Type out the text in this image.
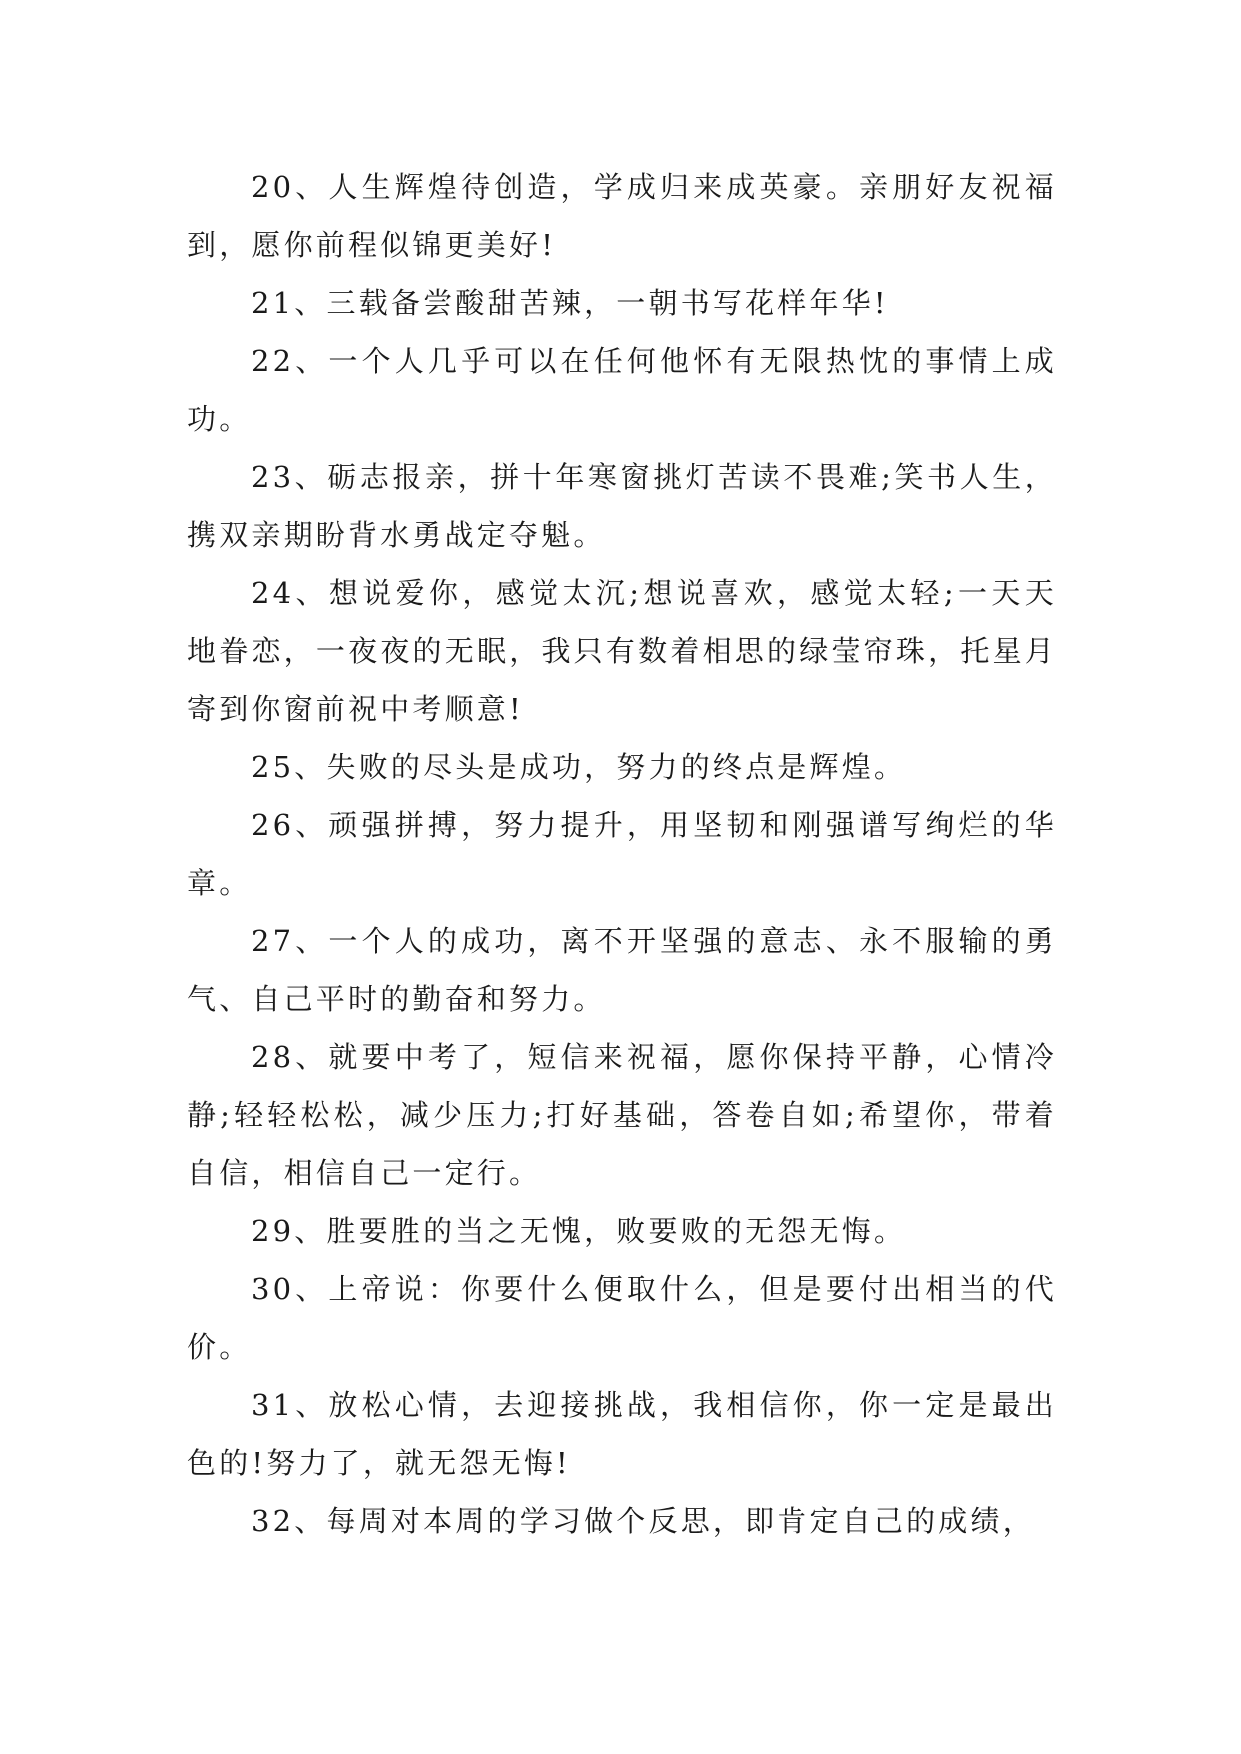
20、人生辉煌待创造，学成归来成英豪。亲朋好友祝福到，愿你前程似锦更美好!

21、三载备尝酸甜苦辣，一朝书写花样年华!

22、一个人几乎可以在任何他怀有无限热忱的事情上成功。

23、砺志报亲，拼十年寒窗挑灯苦读不畏难;笑书人生，携双亲期盼背水勇战定夺魁。

24、想说爱你，感觉太沉;想说喜欢，感觉太轻;一天天地眷恋，一夜夜的无眠，我只有数着相思的绿莹帘珠，托星月寄到你窗前祝中考顺意!

25、失败的尽头是成功，努力的终点是辉煌。

26、顽强拼搏，努力提升，用坚韧和刚强谱写绚烂的华章。

27、一个人的成功，离不开坚强的意志、永不服输的勇气、自己平时的勤奋和努力。

28、就要中考了，短信来祝福，愿你保持平静，心情冷静;轻轻松松，减少压力;打好基础，答卷自如;希望你，带着自信，相信自己一定行。

29、胜要胜的当之无愧，败要败的无怨无悔。

30、上帝说：你要什么便取什么，但是要付出相当的代价。

31、放松心情，去迎接挑战，我相信你，你一定是最出色的!努力了，就无怨无悔!

32、每周对本周的学习做个反思，即肯定自己的成绩，
